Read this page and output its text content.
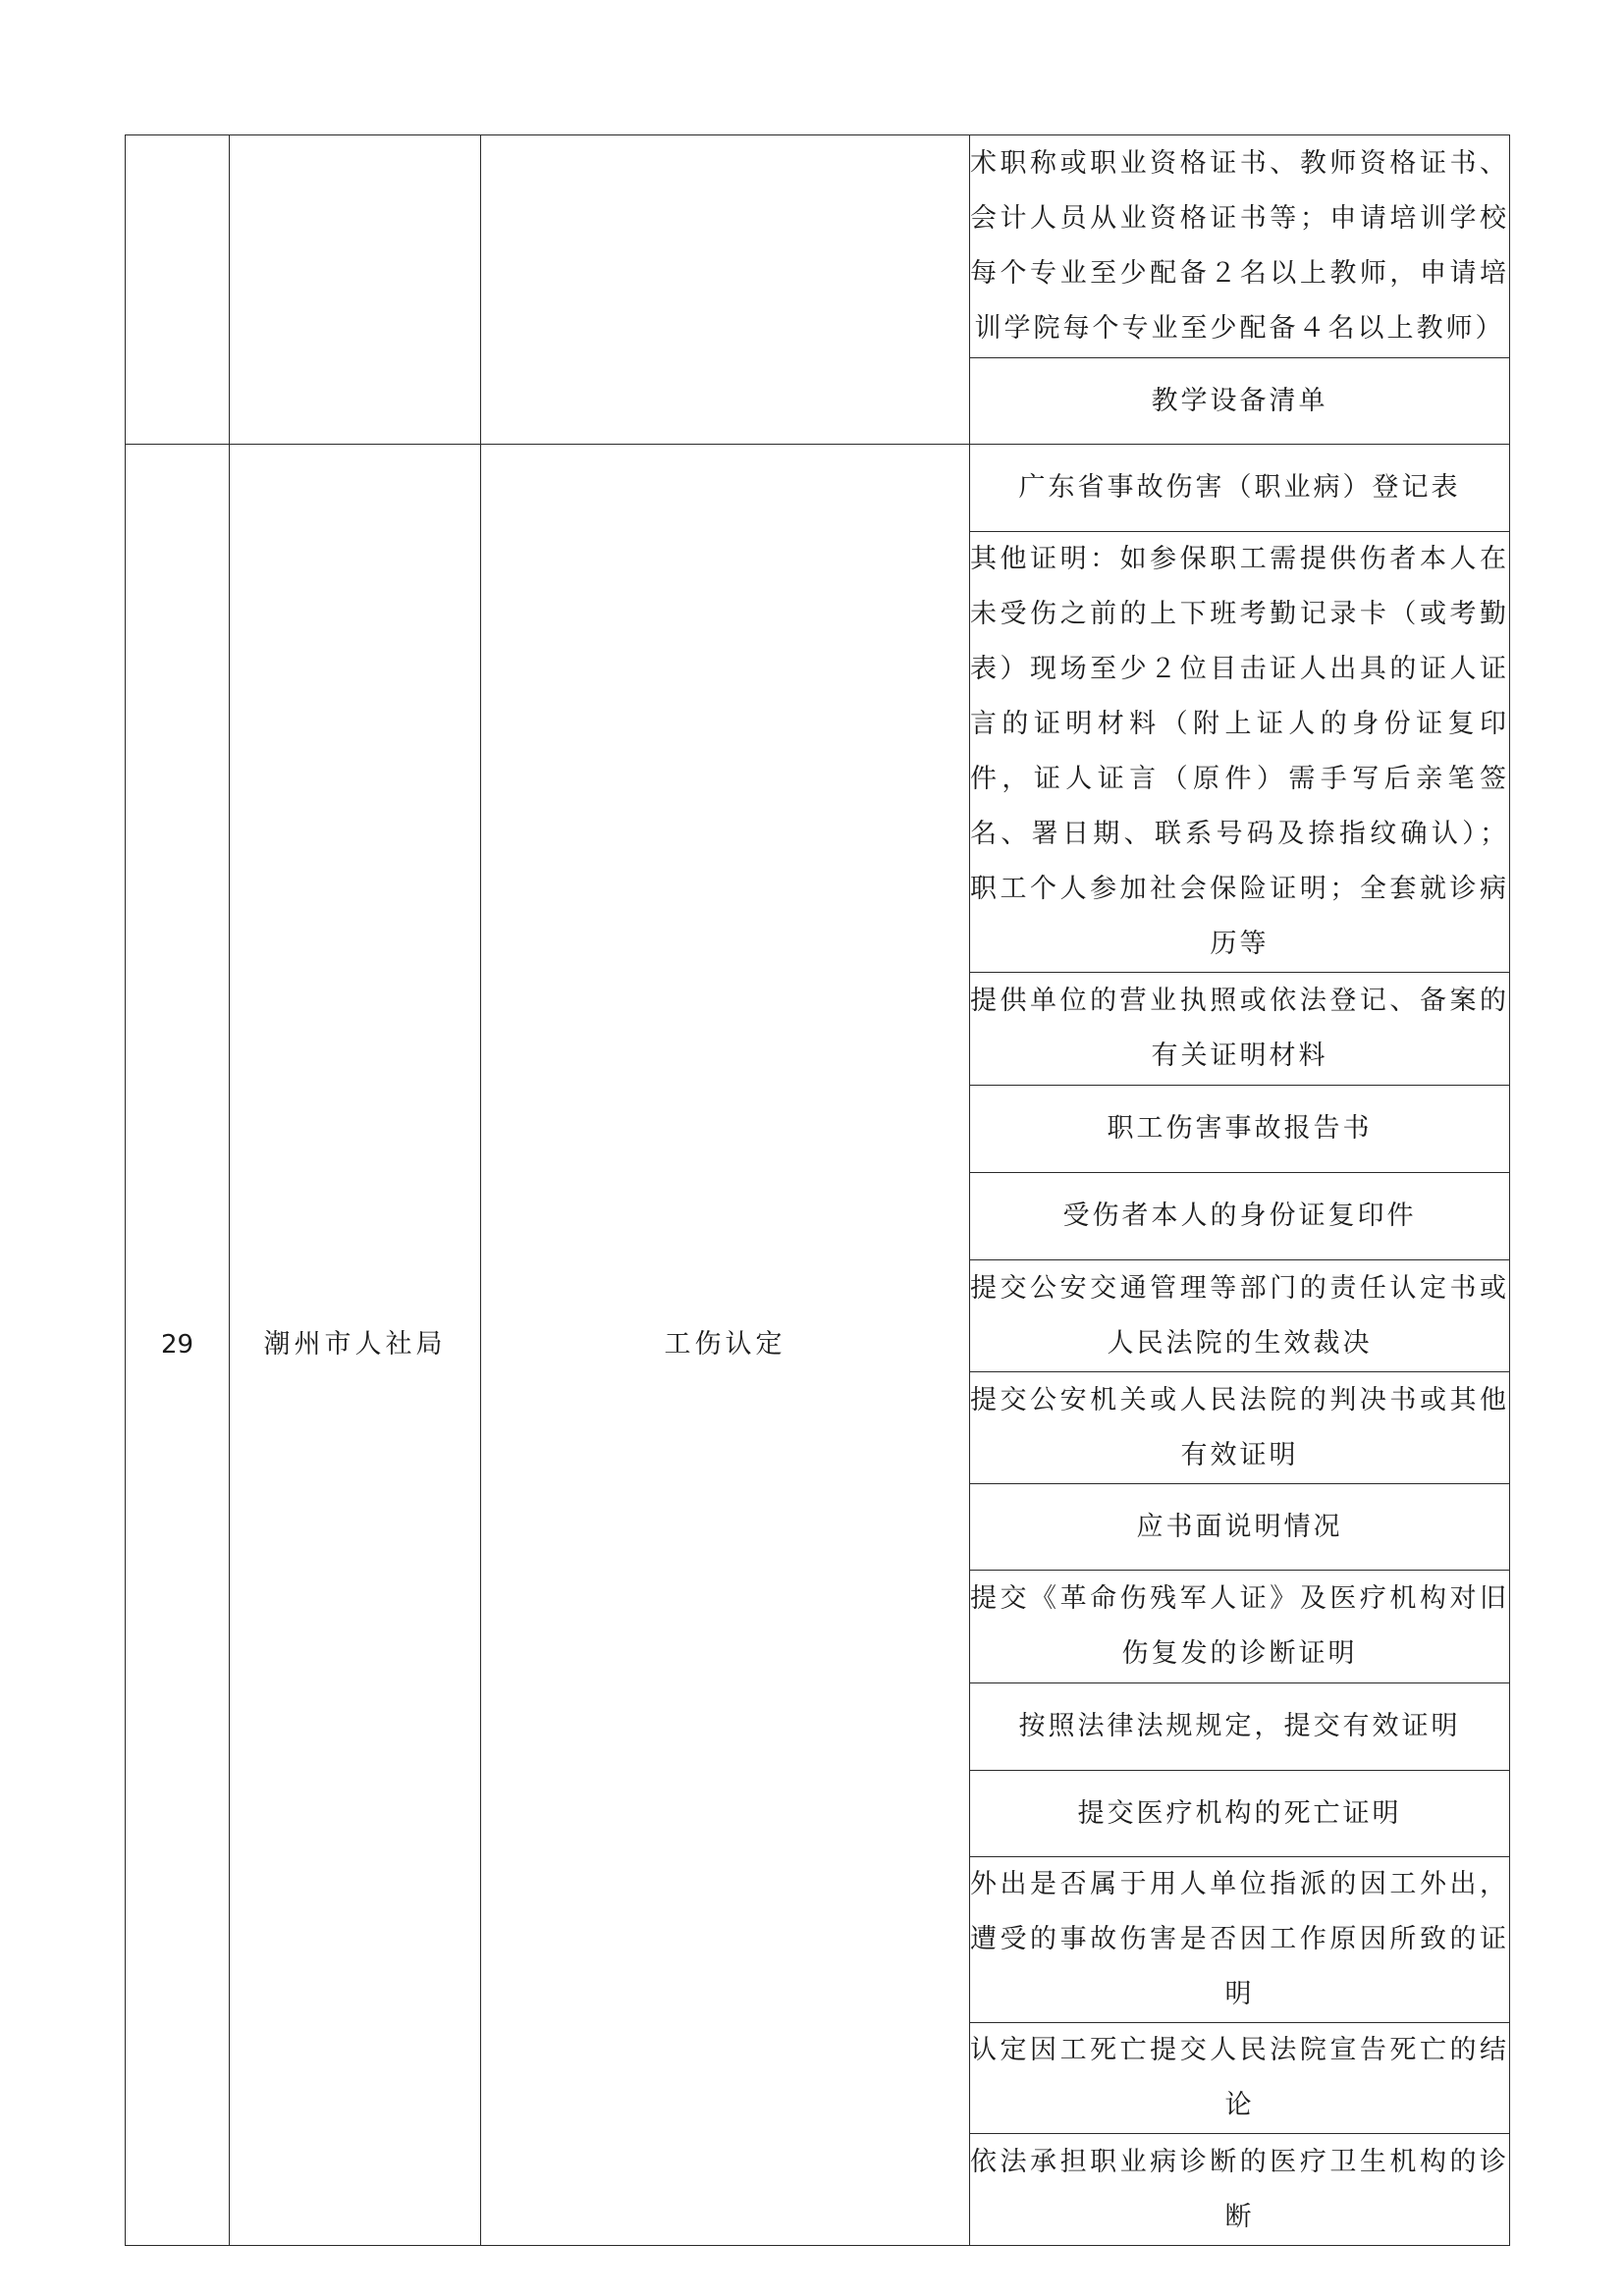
			术职称或职业资格证书、教师资格证书、会计人员从业资格证书等；申请培训学校每个专业至少配备２名以上教师，申请培训学院每个专业至少配备４名以上教师）
			教学设备清单
29	潮州市人社局	工伤认定	广东省事故伤害（职业病）登记表
			其他证明：如参保职工需提供伤者本人在未受伤之前的上下班考勤记录卡（或考勤表）现场至少２位目击证人出具的证人证言的证明材料（附上证人的身份证复印件，证人证言（原件）需手写后亲笔签名、署日期、联系号码及捺指纹确认）；职工个人参加社会保险证明；全套就诊病历等
			提供单位的营业执照或依法登记、备案的有关证明材料
			职工伤害事故报告书
			受伤者本人的身份证复印件
			提交公安交通管理等部门的责任认定书或人民法院的生效裁决
			提交公安机关或人民法院的判决书或其他有效证明
			应书面说明情况
			提交《革命伤残军人证》及医疗机构对旧伤复发的诊断证明
			按照法律法规规定，提交有效证明
			提交医疗机构的死亡证明
			外出是否属于用人单位指派的因工外出，遭受的事故伤害是否因工作原因所致的证明
			认定因工死亡提交人民法院宣告死亡的结论
			依法承担职业病诊断的医疗卫生机构的诊断
